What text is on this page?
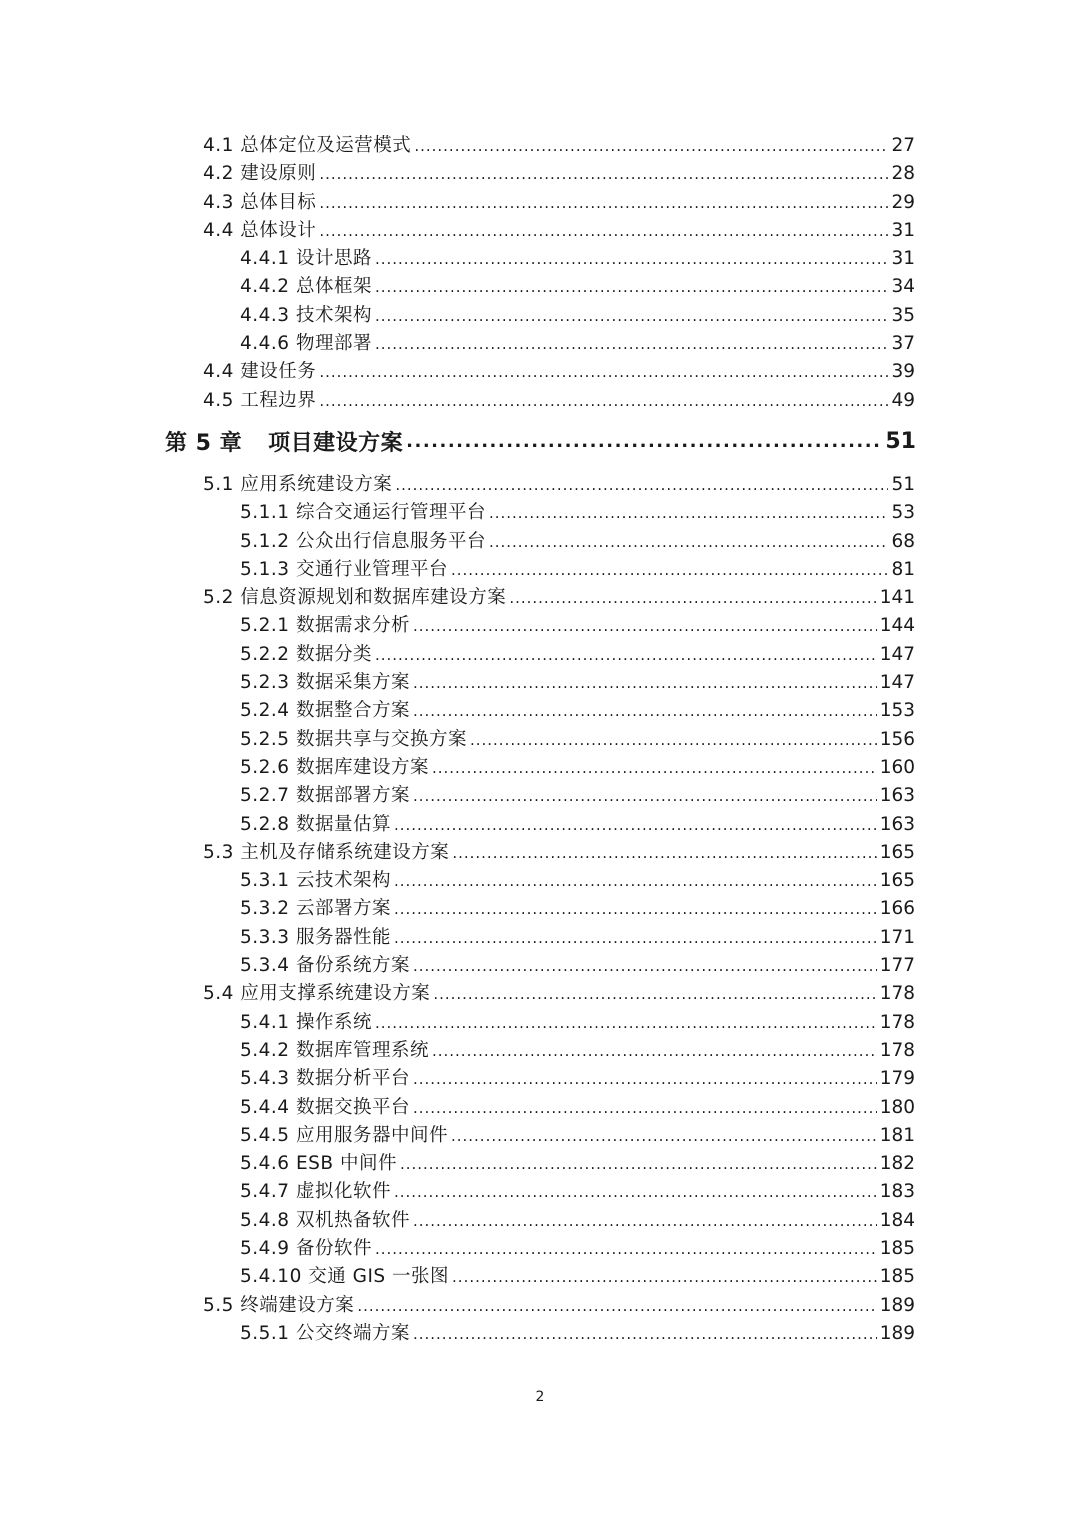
4.1 总体定位及运营模式 .....	27
4.2 建设原则 .....	28
4.3 总体目标 .....	29
4.4 总体设计 .....	31
4.4.1 设计思路 .....	31
4.4.2 总体框架 .....	34
4.4.3 技术架构 .....	35
4.4.6 物理部署 .....	37
4.4 建设任务 .....	39
4.5 工程边界 .....	49
第 5 章 项目建设方案 .....	51
5.1 应用系统建设方案 .....	51
5.1.1 综合交通运行管理平台 .....	53
5.1.2 公众出行信息服务平台 .....	68
5.1.3 交通行业管理平台 .....	81
5.2 信息资源规划和数据库建设方案 .....	141
5.2.1 数据需求分析 .....	144
5.2.2 数据分类 .....	147
5.2.3 数据采集方案 .....	147
5.2.4 数据整合方案 .....	153
5.2.5 数据共享与交换方案 .....	156
5.2.6 数据库建设方案 .....	160
5.2.7 数据部署方案 .....	163
5.2.8 数据量估算 .....	163
5.3 主机及存储系统建设方案 .....	165
5.3.1 云技术架构 .....	165
5.3.2 云部署方案 .....	166
5.3.3 服务器性能 .....	171
5.3.4 备份系统方案 .....	177
5.4 应用支撑系统建设方案 .....	178
5.4.1 操作系统 .....	178
5.4.2 数据库管理系统 .....	178
5.4.3 数据分析平台 .....	179
5.4.4 数据交换平台 .....	180
5.4.5 应用服务器中间件 .....	181
5.4.6 ESB 中间件 .....	182
5.4.7 虚拟化软件 .....	183
5.4.8 双机热备软件 .....	184
5.4.9 备份软件 .....	185
5.4.10 交通 GIS 一张图 .....	185
5.5 终端建设方案 .....	189
5.5.1 公交终端方案 .....	189
2
